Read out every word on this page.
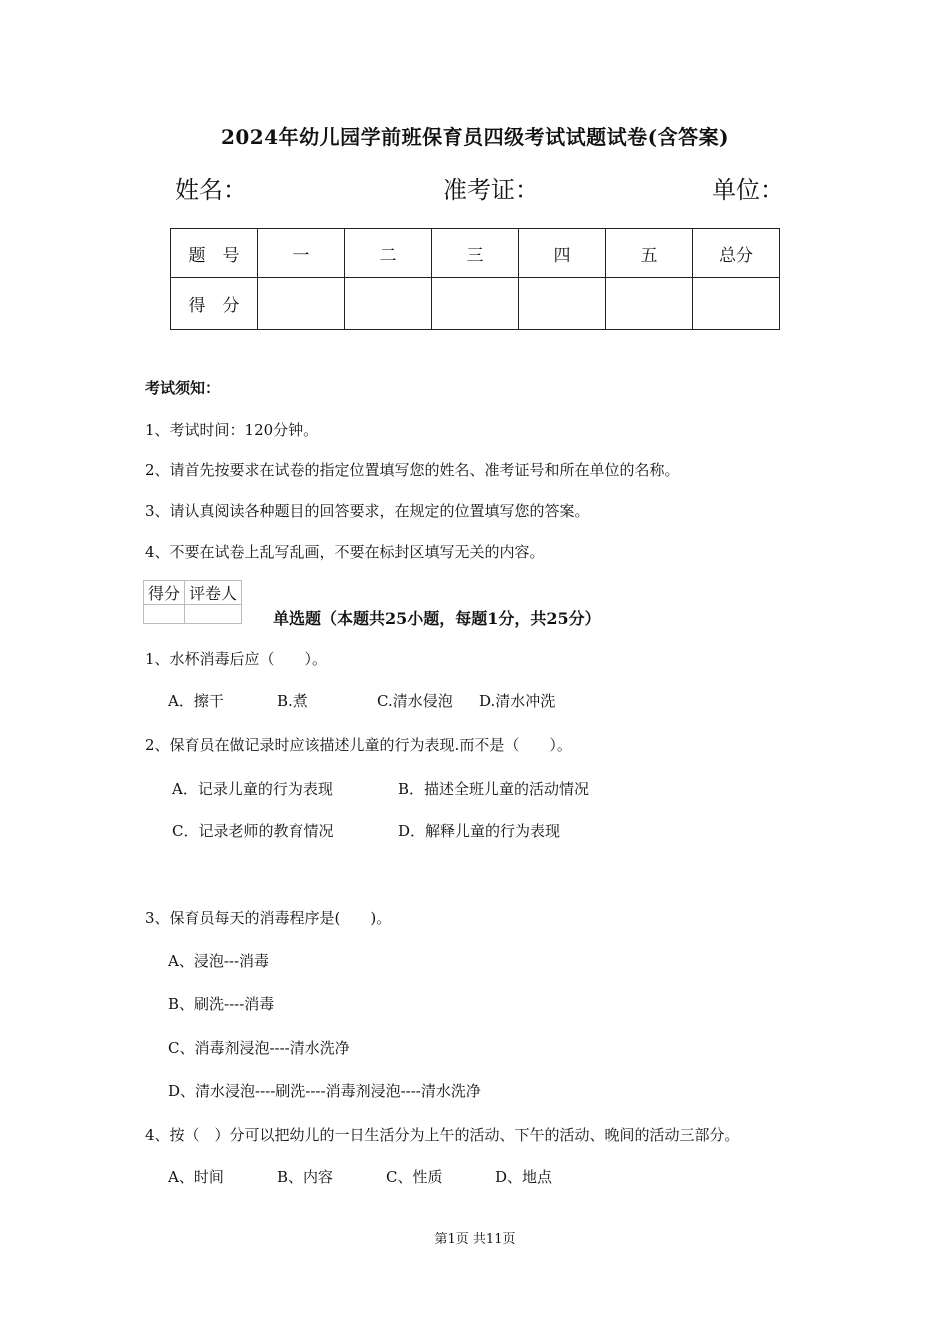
2024年幼儿园学前班保育员四级考试试题试卷(含答案)
姓名：	准考证：	单位：
题　号	一	二	三	四	五	总分
得　分						
考试须知：
1、考试时间：120分钟。
2、请首先按要求在试卷的指定位置填写您的姓名、准考证号和所在单位的名称。
3、请认真阅读各种题目的回答要求，在规定的位置填写您的答案。
4、不要在试卷上乱写乱画，不要在标封区填写无关的内容。
得分	评卷人

单选题（本题共25小题，每题1分，共25分）
1、水杯消毒后应（　　）。
A．擦干	B.煮	C.清水侵泡 D.清水冲洗
2、保育员在做记录时应该描述儿童的行为表现.而不是（　　）。
A．记录儿童的行为表现	B．描述全班儿童的活动情况
C．记录老师的教育情况	D．解释儿童的行为表现
3、保育员每天的消毒程序是(　　)。
A、浸泡---消毒
B、刷洗----消毒
C、消毒剂浸泡----清水洗净
D、清水浸泡----刷洗----消毒剂浸泡----清水洗净
4、按（　）分可以把幼儿的一日生活分为上午的活动、下午的活动、晚间的活动三部分。
A、时间	B、内容	C、性质	D、地点
第1页 共11页
